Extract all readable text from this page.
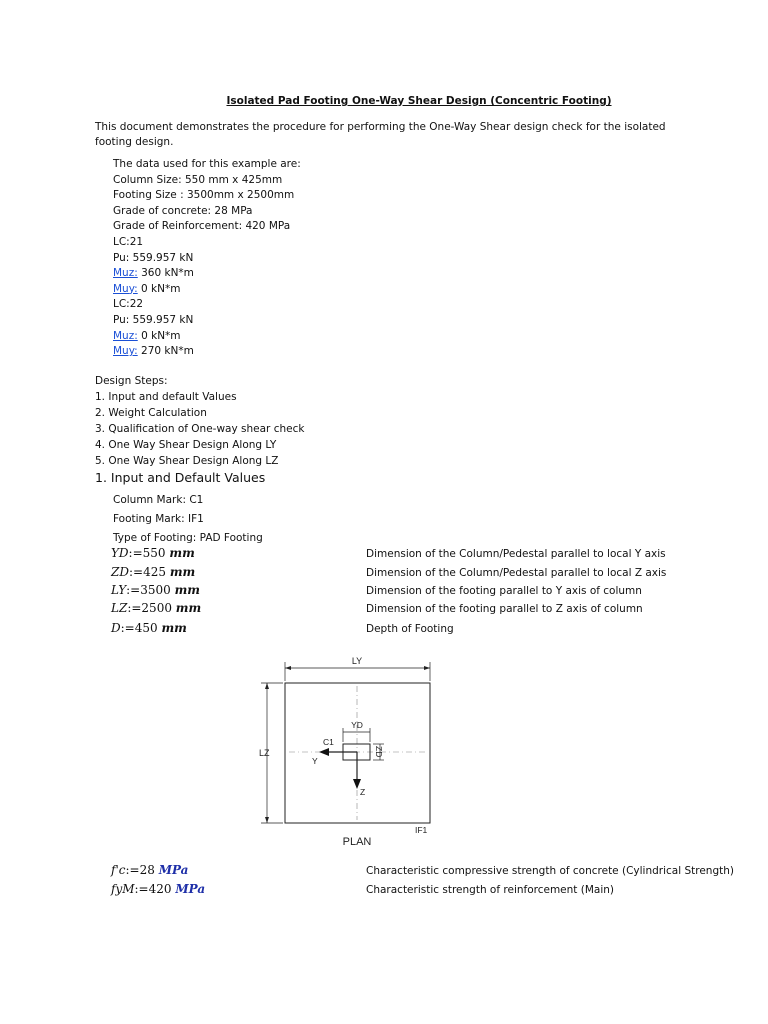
Isolated Pad Footing One-Way Shear Design (Concentric Footing)
This document demonstrates the procedure for performing the One-Way Shear design check for the isolated footing design.
The data used for this example are:
Column Size: 550 mm x 425mm
Footing Size : 3500mm x 2500mm
Grade of concrete: 28 MPa
Grade of Reinforcement: 420 MPa
LC:21
Pu: 559.957 kN
Muz: 360 kN*m
Muy: 0 kN*m
LC:22
Pu: 559.957 kN
Muz: 0 kN*m
Muy: 270 kN*m
Design Steps:
1. Input and default Values
2. Weight Calculation
3. Qualification of One-way shear check
4. One Way Shear Design Along LY
5. One Way Shear Design Along LZ
1. Input and Default Values
Column Mark: C1
Footing Mark: IF1
Type of Footing: PAD Footing
YD:=550 mm	Dimension of the Column/Pedestal parallel to local Y axis
ZD:=425 mm	Dimension of the Column/Pedestal parallel to local Z axis
LY:=3500 mm	Dimension of the footing parallel to Y axis of column
LZ:=2500 mm	Dimension of the footing parallel to Z axis of column
D:=450 mm	Depth of Footing
LY
LZ
YD
ZD
C1
Y
Z
IF1
PLAN
f'c:=28 MPa	Characteristic compressive strength of concrete (Cylindrical Strength)
fyM:=420 MPa	Characteristic strength of reinforcement (Main)
